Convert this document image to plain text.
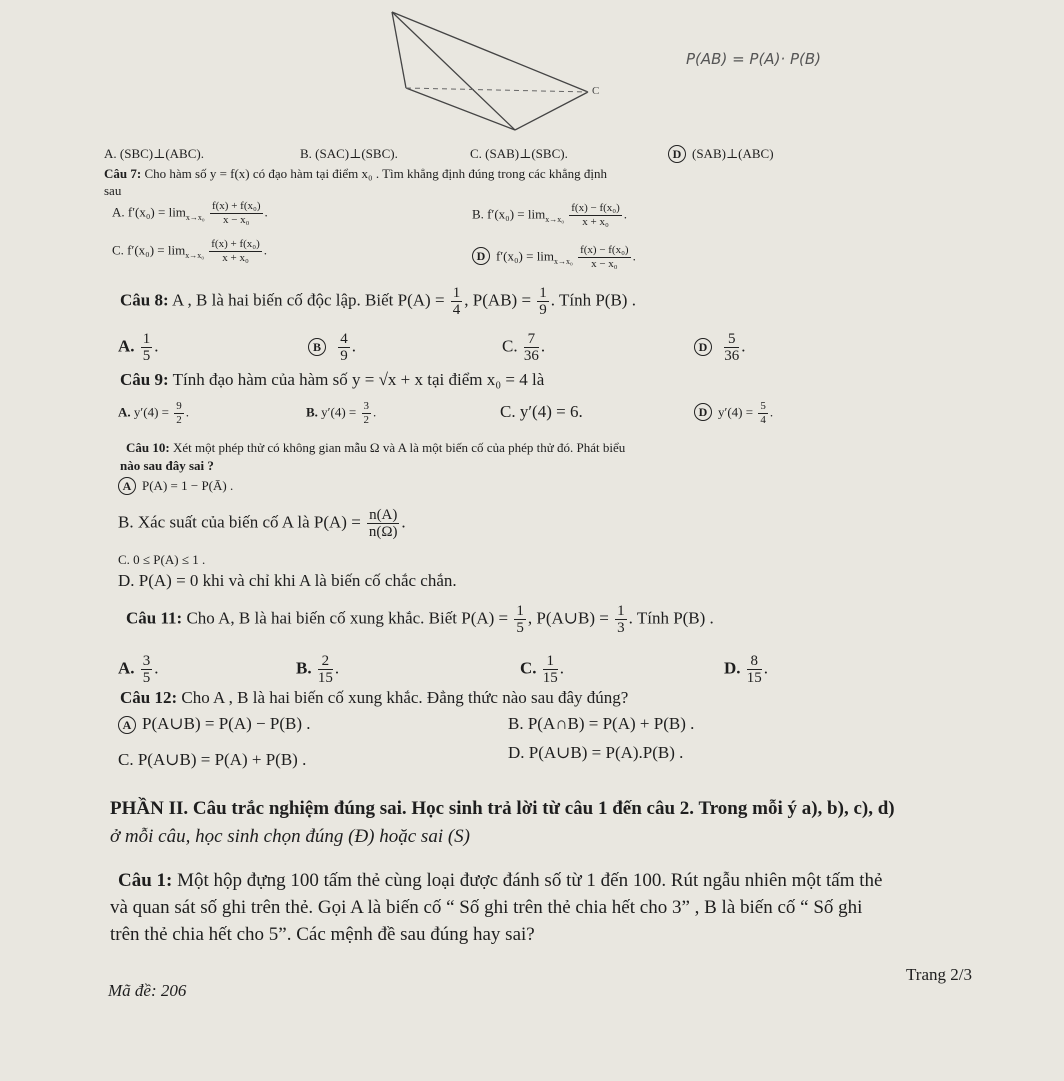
C
P(AB) = P(A)· P(B)
A. (SBC)⊥(ABC).	B. (SAC)⊥(SBC).	C. (SAB)⊥(SBC).	D (SAB)⊥(ABC)
Câu 7: Cho hàm số y = f(x) có đạo hàm tại điểm x₀ . Tìm khẳng định đúng trong các khẳng định
sau
A. $f'(x_0) = \lim_{x\to x_0} \frac{\text{f(x) + f(x₀)}}{\text{x − x₀}}$ .	B. $f'(x_0) = \lim_{x\to x_0} \frac{\text{f(x) − f(x₀)}}{\text{x + x₀}}$ .
C. $f'(x_0) = \lim_{x\to x_0} \frac{\text{f(x) + f(x₀)}}{\text{x + x₀}}$ .	D $f'(x_0) = \lim_{x\to x_0} \frac{\text{f(x) − f(x₀)}}{\text{x − x₀}}$ .
Câu 8: A , B là hai biến cố độc lập. Biết $P(A) = \frac{1}{4}$ , $P(AB) = \frac{1}{9}$ . Tính P(B) .
A. $\frac{1}{5}$ .	B $\frac{4}{9}$ .	C. $\frac{7}{36}$ .	D $\frac{5}{36}$ .
Câu 9: Tính đạo hàm của hàm số y = √x + x tại điểm x₀ = 4 là
A. $y'(4) = \frac{9}{2}$ .	B. $y'(4) = \frac{3}{2}$ .	C. y′(4) = 6.	D $y'(4) = \frac{5}{4}$ .
Câu 10: Xét một phép thử có không gian mẫu Ω và A là một biến cố của phép thử đó. Phát biểu
nào sau đây sai ?
A P(A) = 1 − P(Ā) .
B. Xác suất của biến cố A là $P(A) = \frac{n(A)}{n(\Omega)}$ .
C. 0 ≤ P(A) ≤ 1 .
D. P(A) = 0 khi và chỉ khi A là biến cố chắc chắn.
Câu 11: Cho A, B là hai biến cố xung khắc. Biết $P(A) = \frac{1}{5}$ , P(A∪B) = $\frac{1}{3}$ . Tính P(B) .
A. $\frac{3}{5}$ .	B. $\frac{2}{15}$ .	C. $\frac{1}{15}$ .	D. $\frac{8}{15}$ .
Câu 12: Cho A , B là hai biến cố xung khắc. Đẳng thức nào sau đây đúng?
A P(A∪B) = P(A) − P(B) .	B. P(A∩B) = P(A) + P(B) .
C. P(A∪B) = P(A) + P(B) .	D. P(A∪B) = P(A).P(B) .
PHẦN II. Câu trắc nghiệm đúng sai. Học sinh trả lời từ câu 1 đến câu 2. Trong mỗi ý a), b), c), d)
ở mỗi câu, học sinh chọn đúng (Đ) hoặc sai (S)
Câu 1: Một hộp đựng 100 tấm thẻ cùng loại được đánh số từ 1 đến 100. Rút ngẫu nhiên một tấm thẻ
và quan sát số ghi trên thẻ. Gọi A là biến cố “ Số ghi trên thẻ chia hết cho 3” , B là biến cố “ Số ghi
trên thẻ chia hết cho 5”. Các mệnh đề sau đúng hay sai?
Mã đề: 206
Trang 2/3
